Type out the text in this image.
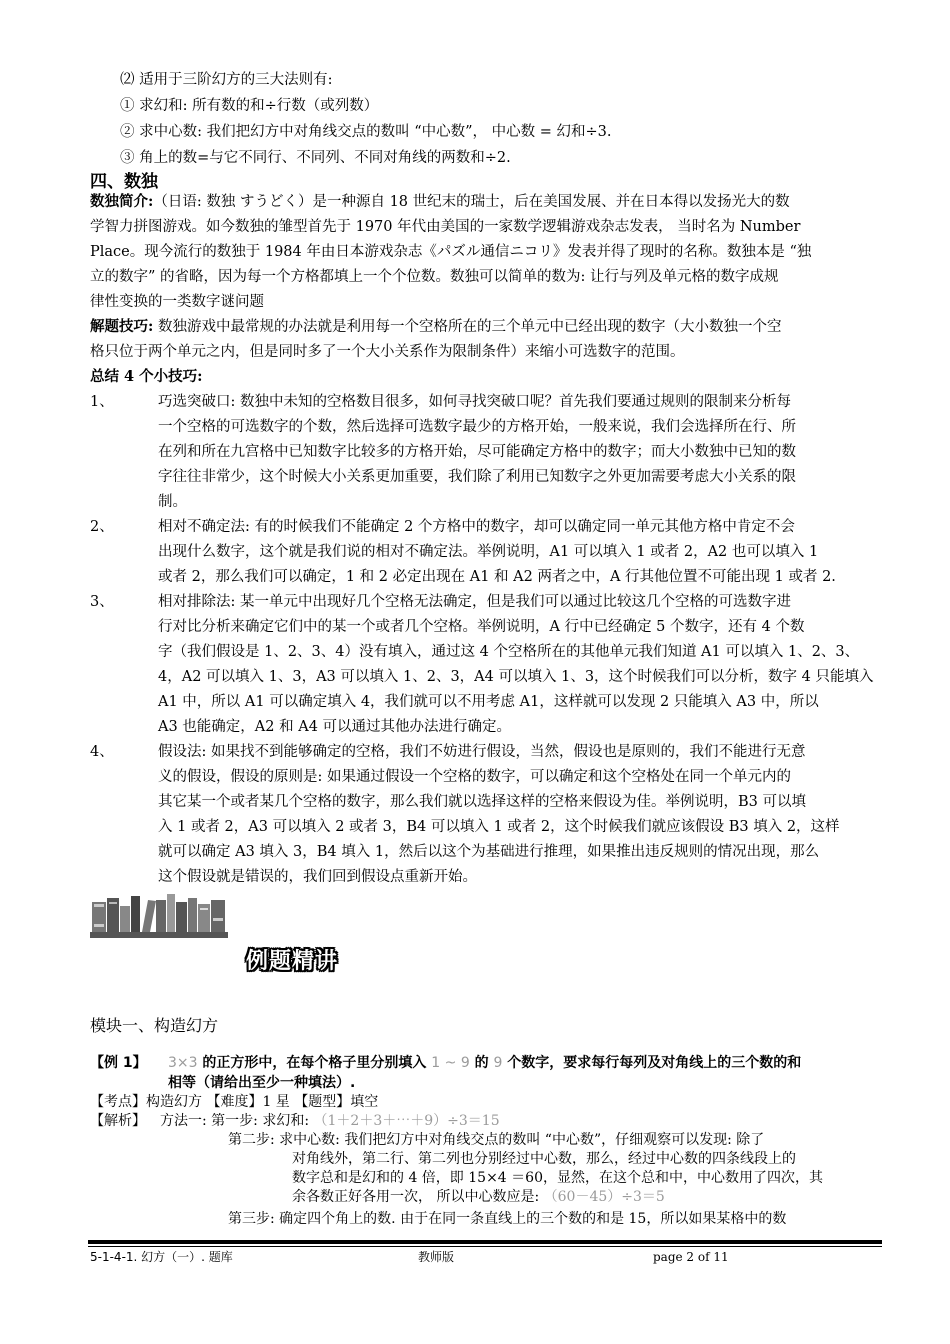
⑵ 适用于三阶幻方的三大法则有:
① 求幻和: 所有数的和÷行数（或列数）
② 求中心数: 我们把幻方中对角线交点的数叫 “中心数”， 中心数 = 幻和÷3.
③ 角上的数=与它不同行、不同列、不同对角线的两数和÷2.
四、数独
数独简介:（日语: 数独 すうどく）是一种源自 18 世纪末的瑞士，后在美国发展、并在日本得以发扬光大的数
学智力拼图游戏。如今数独的雏型首先于 1970 年代由美国的一家数学逻辑游戏杂志发表， 当时名为 Number
Place。现今流行的数独于 1984 年由日本游戏杂志《パズル通信ニコリ》发表并得了现时的名称。数独本是 “独
立的数字” 的省略，因为每一个方格都填上一个个位数。数独可以简单的数为: 让行与列及单元格的数字成规
律性变换的一类数字谜问题
解题技巧: 数独游戏中最常规的办法就是利用每一个空格所在的三个单元中已经出现的数字（大小数独一个空
格只位于两个单元之内，但是同时多了一个大小关系作为限制条件）来缩小可选数字的范围。
总结 4 个小技巧:
1、	巧选突破口: 数独中未知的空格数目很多，如何寻找突破口呢？首先我们要通过规则的限制来分析每
一个空格的可选数字的个数，然后选择可选数字最少的方格开始，一般来说，我们会选择所在行、所
在列和所在九宫格中已知数字比较多的方格开始，尽可能确定方格中的数字；而大小数独中已知的数
字往往非常少，这个时候大小关系更加重要，我们除了利用已知数字之外更加需要考虑大小关系的限
制。
2、	相对不确定法: 有的时候我们不能确定 2 个方格中的数字，却可以确定同一单元其他方格中肯定不会
出现什么数字，这个就是我们说的相对不确定法。举例说明，A1 可以填入 1 或者 2，A2 也可以填入 1
或者 2，那么我们可以确定，1 和 2 必定出现在 A1 和 A2 两者之中，A 行其他位置不可能出现 1 或者 2.
3、	相对排除法: 某一单元中出现好几个空格无法确定，但是我们可以通过比较这几个空格的可选数字进
行对比分析来确定它们中的某一个或者几个空格。举例说明，A 行中已经确定 5 个数字，还有 4 个数
字（我们假设是 1、2、3、4）没有填入，通过这 4 个空格所在的其他单元我们知道 A1 可以填入 1、2、3、
4，A2 可以填入 1、3，A3 可以填入 1、2、3，A4 可以填入 1、3，这个时候我们可以分析，数字 4 只能填入
A1 中，所以 A1 可以确定填入 4，我们就可以不用考虑 A1，这样就可以发现 2 只能填入 A3 中，所以
A3 也能确定，A2 和 A4 可以通过其他办法进行确定。
4、	假设法: 如果找不到能够确定的空格，我们不妨进行假设，当然，假设也是原则的，我们不能进行无意
义的假设，假设的原则是: 如果通过假设一个空格的数字，可以确定和这个空格处在同一个单元内的
其它某一个或者某几个空格的数字，那么我们就以选择这样的空格来假设为佳。举例说明，B3 可以填
入 1 或者 2，A3 可以填入 2 或者 3，B4 可以填入 1 或者 2，这个时候我们就应该假设 B3 填入 2，这样
就可以确定 A3 填入 3，B4 填入 1，然后以这个为基础进行推理，如果推出违反规则的情况出现，那么
这个假设就是错误的，我们回到假设点重新开始。
例题精讲
模块一、构造幻方
【例 1】 3×3 的正方形中，在每个格子里分别填入 1 ~ 9 的 9 个数字，要求每行每列及对角线上的三个数的和
相等（请给出至少一种填法）.
【考点】构造幻方 【难度】1 星 【题型】填空
【解析】 方法一: 第一步: 求幻和: （1＋2＋3＋⋯＋9）÷3＝15
第二步: 求中心数: 我们把幻方中对角线交点的数叫 “中心数”，仔细观察可以发现: 除了
对角线外，第二行、第二列也分别经过中心数，那么，经过中心数的四条线段上的
数字总和是幻和的 4 倍，即 15×4 ＝60，显然，在这个总和中，中心数用了四次，其
余各数正好各用一次， 所以中心数应是: （60－45）÷3＝5
第三步: 确定四个角上的数. 由于在同一条直线上的三个数的和是 15，所以如果某格中的数
5-1-4-1. 幻方（一）. 题库	教师版	page 2 of 11
